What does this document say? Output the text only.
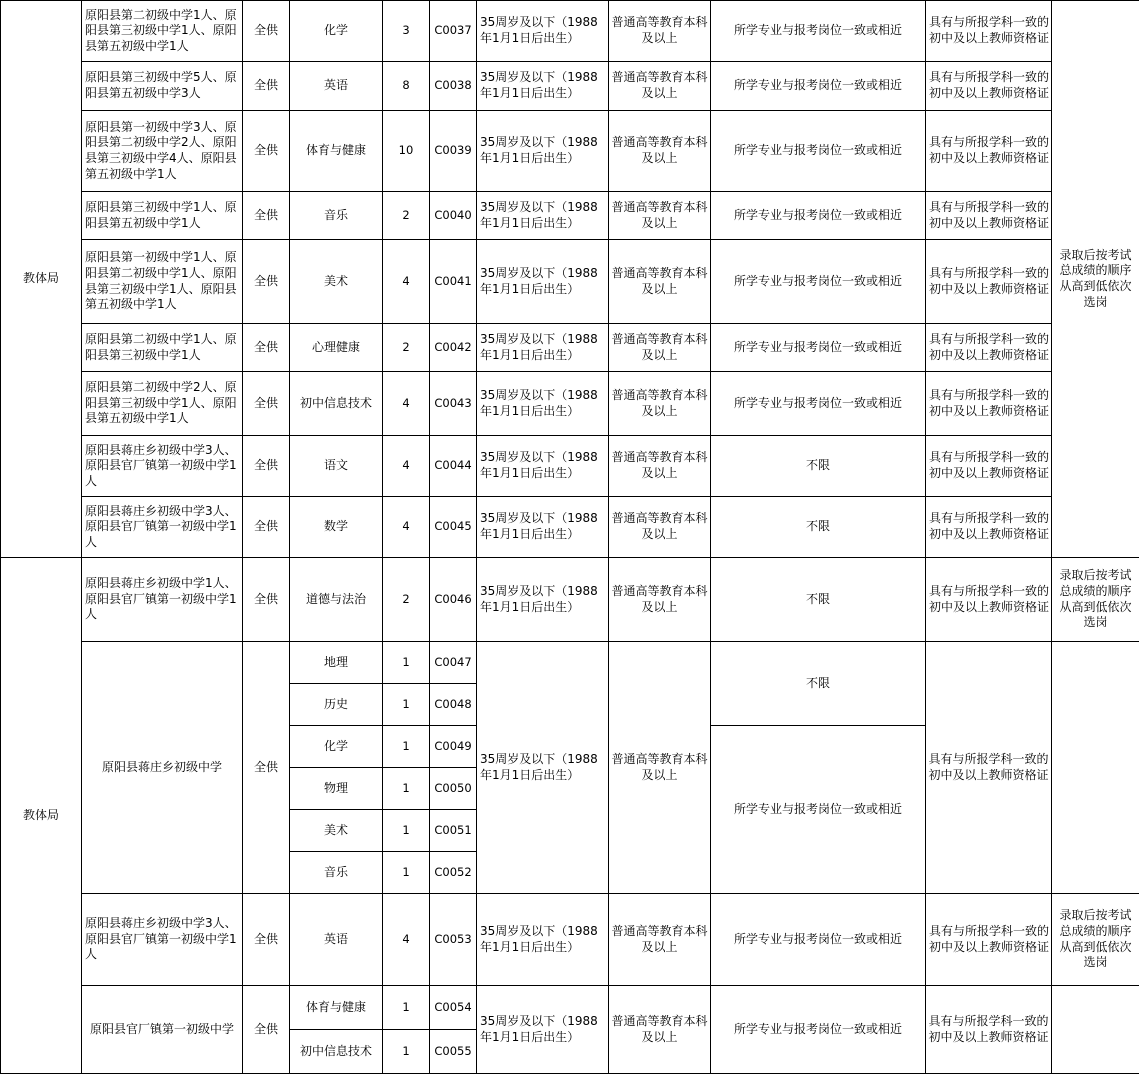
教体局	原阳县第二初级中学1人、原阳县第三初级中学1人、原阳县第五初级中学1人	全供	化学	3	C0037	35周岁及以下（1988年1月1日后出生）	普通高等教育本科及以上	所学专业与报考岗位一致或相近	具有与所报学科一致的初中及以上教师资格证	录取后按考试总成绩的顺序从高到低依次选岗
	原阳县第三初级中学5人、原阳县第五初级中学3人	全供	英语	8	C0038	35周岁及以下（1988年1月1日后出生）	普通高等教育本科及以上	所学专业与报考岗位一致或相近	具有与所报学科一致的初中及以上教师资格证	
	原阳县第一初级中学3人、原阳县第二初级中学2人、原阳县第三初级中学4人、原阳县第五初级中学1人	全供	体育与健康	10	C0039	35周岁及以下（1988年1月1日后出生）	普通高等教育本科及以上	所学专业与报考岗位一致或相近	具有与所报学科一致的初中及以上教师资格证	
	原阳县第三初级中学1人、原阳县第五初级中学1人	全供	音乐	2	C0040	35周岁及以下（1988年1月1日后出生）	普通高等教育本科及以上	所学专业与报考岗位一致或相近	具有与所报学科一致的初中及以上教师资格证	
	原阳县第一初级中学1人、原阳县第二初级中学1人、原阳县第三初级中学1人、原阳县第五初级中学1人	全供	美术	4	C0041	35周岁及以下（1988年1月1日后出生）	普通高等教育本科及以上	所学专业与报考岗位一致或相近	具有与所报学科一致的初中及以上教师资格证	
	原阳县第二初级中学1人、原阳县第三初级中学1人	全供	心理健康	2	C0042	35周岁及以下（1988年1月1日后出生）	普通高等教育本科及以上	所学专业与报考岗位一致或相近	具有与所报学科一致的初中及以上教师资格证	
	原阳县第二初级中学2人、原阳县第三初级中学1人、原阳县第五初级中学1人	全供	初中信息技术	4	C0043	35周岁及以下（1988年1月1日后出生）	普通高等教育本科及以上	所学专业与报考岗位一致或相近	具有与所报学科一致的初中及以上教师资格证	
	原阳县蒋庄乡初级中学3人、原阳县官厂镇第一初级中学1人	全供	语文	4	C0044	35周岁及以下（1988年1月1日后出生）	普通高等教育本科及以上	不限	具有与所报学科一致的初中及以上教师资格证	
	原阳县蒋庄乡初级中学3人、原阳县官厂镇第一初级中学1人	全供	数学	4	C0045	35周岁及以下（1988年1月1日后出生）	普通高等教育本科及以上	不限	具有与所报学科一致的初中及以上教师资格证	
教体局	原阳县蒋庄乡初级中学1人、原阳县官厂镇第一初级中学1人	全供	道德与法治	2	C0046	35周岁及以下（1988年1月1日后出生）	普通高等教育本科及以上	不限	具有与所报学科一致的初中及以上教师资格证	录取后按考试总成绩的顺序从高到低依次选岗
	原阳县蒋庄乡初级中学	全供	地理	1	C0047	35周岁及以下（1988年1月1日后出生）	普通高等教育本科及以上	不限	具有与所报学科一致的初中及以上教师资格证	
			历史	1	C0048					
			化学	1	C0049			所学专业与报考岗位一致或相近		
			物理	1	C0050					
			美术	1	C0051					
			音乐	1	C0052					
	原阳县蒋庄乡初级中学3人、原阳县官厂镇第一初级中学1人	全供	英语	4	C0053	35周岁及以下（1988年1月1日后出生）	普通高等教育本科及以上	所学专业与报考岗位一致或相近	具有与所报学科一致的初中及以上教师资格证	录取后按考试总成绩的顺序从高到低依次选岗
	原阳县官厂镇第一初级中学	全供	体育与健康	1	C0054	35周岁及以下（1988年1月1日后出生）	普通高等教育本科及以上	所学专业与报考岗位一致或相近	具有与所报学科一致的初中及以上教师资格证	
			初中信息技术	1	C0055					
